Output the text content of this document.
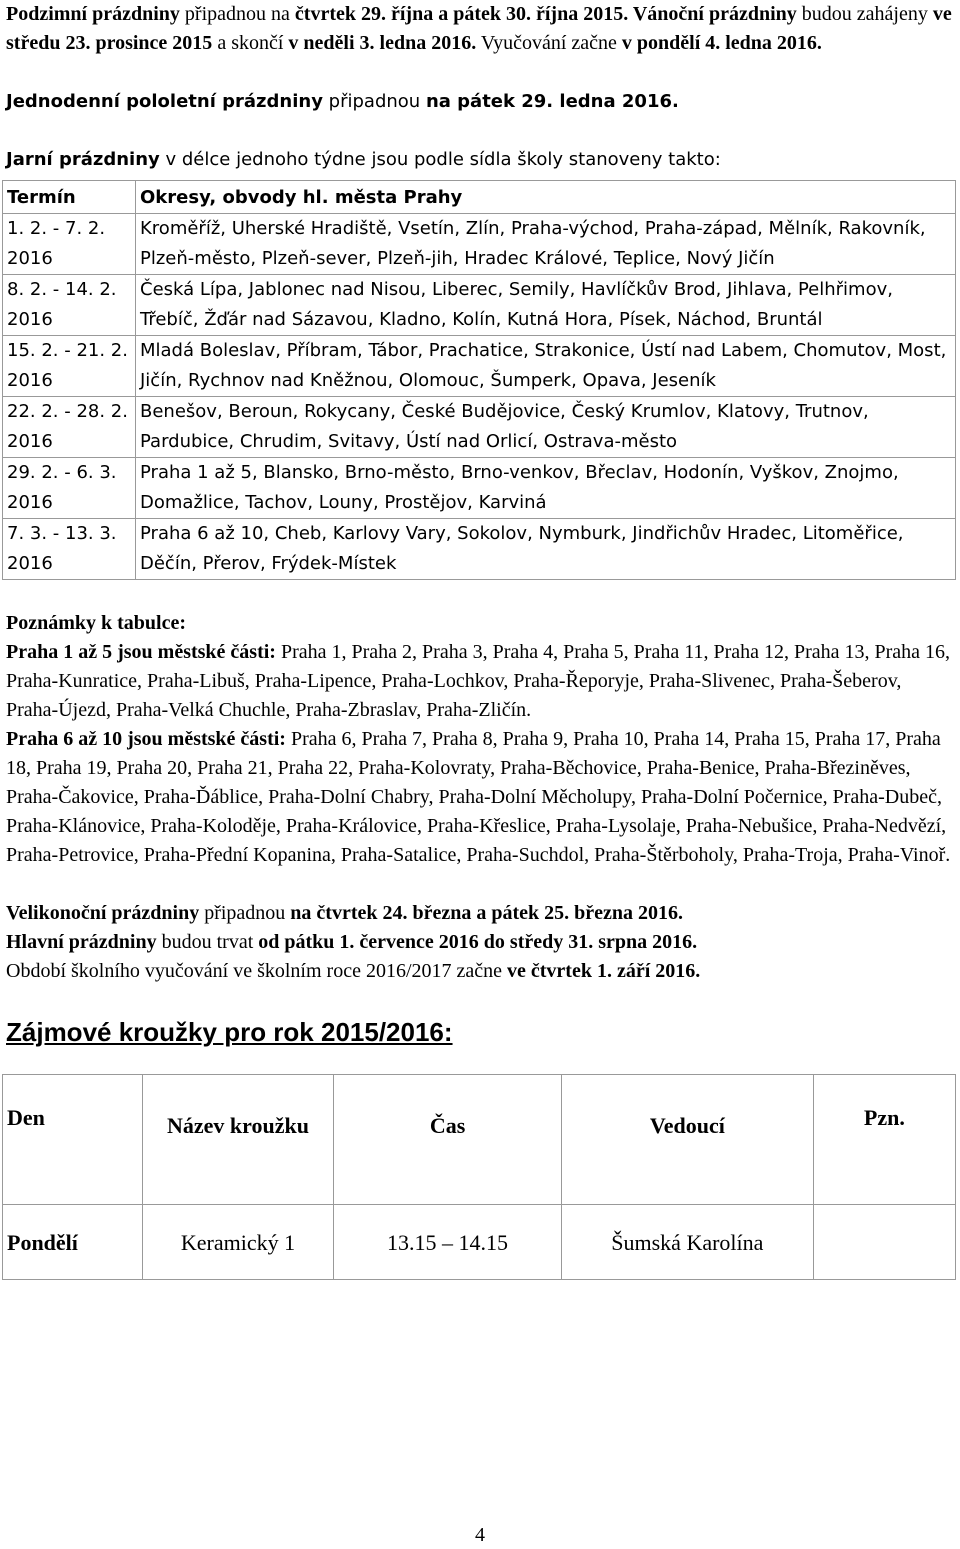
Podzimní prázdniny připadnou na čtvrtek 29. října a pátek 30. října 2015. Vánoční prázdniny budou zahájeny ve středu 23. prosince 2015 a skončí v neděli 3. ledna 2016. Vyučování začne v pondělí 4. ledna 2016.

Jednodenní pololetní prázdniny připadnou na pátek 29. ledna 2016.

Jarní prázdniny v délce jednoho týdne jsou podle sídla školy stanoveny takto:

Termín	Okresy, obvody hl. města Prahy
1. 2. - 7. 2. 2016	Kroměříž, Uherské Hradiště, Vsetín, Zlín, Praha-východ, Praha-západ, Mělník, Rakovník, Plzeň-město, Plzeň-sever, Plzeň-jih, Hradec Králové, Teplice, Nový Jičín
8. 2. - 14. 2. 2016	Česká Lípa, Jablonec nad Nisou, Liberec, Semily, Havlíčkův Brod, Jihlava, Pelhřimov, Třebíč, Žďár nad Sázavou, Kladno, Kolín, Kutná Hora, Písek, Náchod, Bruntál
15. 2. - 21. 2. 2016	Mladá Boleslav, Příbram, Tábor, Prachatice, Strakonice, Ústí nad Labem, Chomutov, Most, Jičín, Rychnov nad Kněžnou, Olomouc, Šumperk, Opava, Jeseník
22. 2. - 28. 2. 2016	Benešov, Beroun, Rokycany, České Budějovice, Český Krumlov, Klatovy, Trutnov, Pardubice, Chrudim, Svitavy, Ústí nad Orlicí, Ostrava-město
29. 2. - 6. 3. 2016	Praha 1 až 5, Blansko, Brno-město, Brno-venkov, Břeclav, Hodonín, Vyškov, Znojmo, Domažlice, Tachov, Louny, Prostějov, Karviná
7. 3. - 13. 3. 2016	Praha 6 až 10, Cheb, Karlovy Vary, Sokolov, Nymburk, Jindřichův Hradec, Litoměřice, Děčín, Přerov, Frýdek-Místek

Poznámky k tabulce:

Praha 1 až 5 jsou městské části: Praha 1, Praha 2, Praha 3, Praha 4, Praha 5, Praha 11, Praha 12, Praha 13, Praha 16, Praha-Kunratice, Praha-Libuš, Praha-Lipence, Praha-Lochkov, Praha-Řeporyje, Praha-Slivenec, Praha-Šeberov, Praha-Újezd, Praha-Velká Chuchle, Praha-Zbraslav, Praha-Zličín.

Praha 6 až 10 jsou městské části: Praha 6, Praha 7, Praha 8, Praha 9, Praha 10, Praha 14, Praha 15, Praha 17, Praha 18, Praha 19, Praha 20, Praha 21, Praha 22, Praha-Kolovraty, Praha-Běchovice, Praha-Benice, Praha-Březiněves, Praha-Čakovice, Praha-Ďáblice, Praha-Dolní Chabry, Praha-Dolní Měcholupy, Praha-Dolní Počernice, Praha-Dubeč, Praha-Klánovice, Praha-Koloděje, Praha-Královice, Praha-Křeslice, Praha-Lysolaje, Praha-Nebušice, Praha-Nedvězí, Praha-Petrovice, Praha-Přední Kopanina, Praha-Satalice, Praha-Suchdol, Praha-Štěrboholy, Praha-Troja, Praha-Vinoř.

Velikonoční prázdniny připadnou na čtvrtek 24. března a pátek 25. března 2016.

Hlavní prázdniny budou trvat od pátku 1. července 2016 do středy 31. srpna 2016.

Období školního vyučování ve školním roce 2016/2017 začne ve čtvrtek 1. září 2016.

Zájmové kroužky pro rok 2015/2016:
Den	Název kroužku	Čas	Vedoucí	Pzn.
Pondělí	Keramický 1	13.15 – 14.15	Šumská Karolína	
4
